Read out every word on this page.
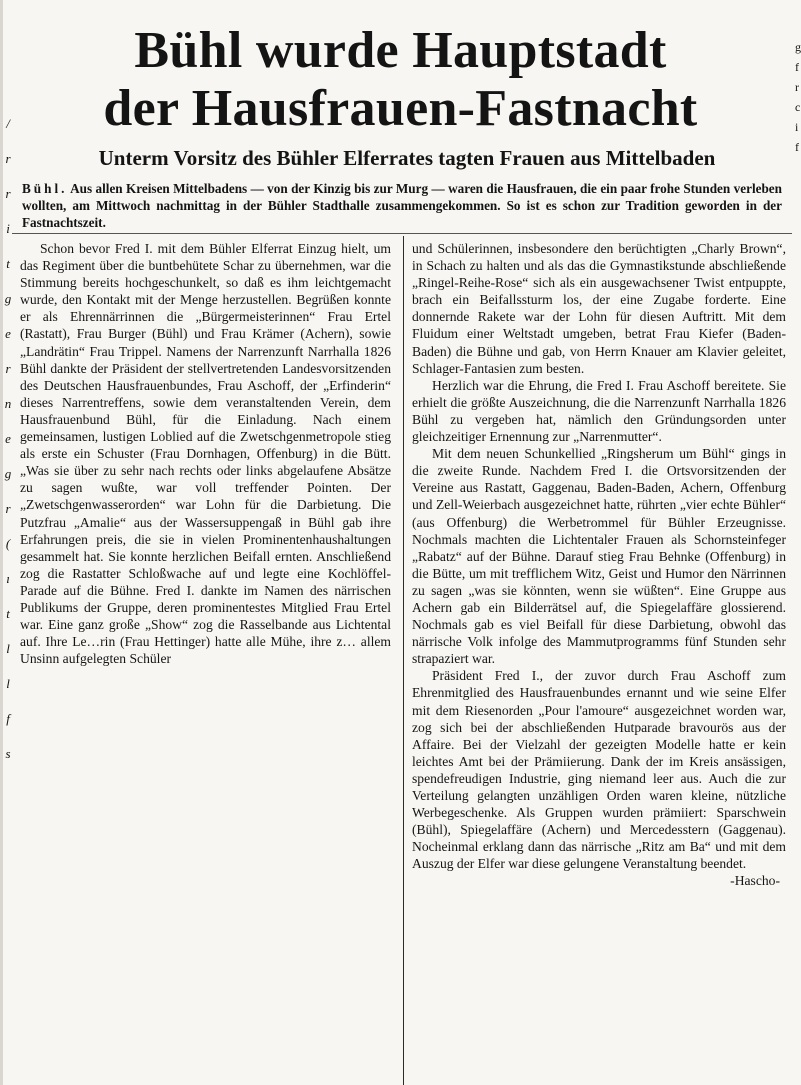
Bühl wurde Hauptstadt
der Hausfrauen-Fastnacht
Unterm Vorsitz des Bühler Elferrates tagten Frauen aus Mittelbaden

Bühl. Aus allen Kreisen Mittelbadens — von der Kinzig bis zur Murg — waren die Hausfrauen, die ein paar frohe Stunden verleben wollten, am Mittwoch nachmittag in der Bühler Stadthalle zusammengekommen. So ist es schon zur Tradition geworden in der Fastnachtszeit.

Schon bevor Fred I. mit dem Bühler Elferrat Einzug hielt, um das Regiment über die buntbehütete Schar zu übernehmen, war die Stimmung bereits hochgeschunkelt, so daß es ihm leichtgemacht wurde, den Kontakt mit der Menge herzustellen. Begrüßen konnte er als Ehrennärrinnen die „Bürgermeisterinnen“ Frau Ertel (Rastatt), Frau Burger (Bühl) und Frau Krämer (Achern), sowie „Landrätin“ Frau Trippel. Namens der Narrenzunft Narrhalla 1826 Bühl dankte der Präsident der stellvertretenden Landesvorsitzenden des Deutschen Hausfrauenbundes, Frau Aschoff, der „Erfinderin“ dieses Narrentreffens, sowie dem veranstaltenden Verein, dem Hausfrauenbund Bühl, für die Einladung. Nach einem gemeinsamen, lustigen Loblied auf die Zwetschgenmetropole stieg als erste ein Schuster (Frau Dornhagen, Offenburg) in die Bütt. „Was sie über zu sehr nach rechts oder links abgelaufene Absätze zu sagen wußte, war voll treffender Pointen. Der „Zwetschgenwasserorden“ war Lohn für die Darbietung. Die Putzfrau „Amalie“ aus der Wassersuppengaß in Bühl gab ihre Erfahrungen preis, die sie in vielen Prominentenhaushaltungen gesammelt hat. Sie konnte herzlichen Beifall ernten. Anschließend zog die Rastatter Schloßwache auf und legte eine Kochlöffel-Parade auf die Bühne. Fred I. dankte im Namen des närrischen Publikums der Gruppe, deren prominentestes Mitglied Frau Ertel war. Eine ganz große „Show“ zog die Rasselbande aus Lichtental auf. Ihre Le…rin (Frau Hettinger) hatte alle Mühe, ihre z… allem Unsinn aufgelegten Schüler

und Schülerinnen, insbesondere den berüchtigten „Charly Brown“, in Schach zu halten und als das die Gymnastikstunde abschließende „Ringel-Reihe-Rose“ sich als ein ausgewachsener Twist entpuppte, brach ein Beifallssturm los, der eine Zugabe forderte. Eine donnernde Rakete war der Lohn für diesen Auftritt. Mit dem Fluidum einer Weltstadt umgeben, betrat Frau Kiefer (Baden-Baden) die Bühne und gab, von Herrn Knauer am Klavier geleitet, Schlager-Fantasien zum besten.

Herzlich war die Ehrung, die Fred I. Frau Aschoff bereitete. Sie erhielt die größte Auszeichnung, die die Narrenzunft Narrhalla 1826 Bühl zu vergeben hat, nämlich den Gründungsorden unter gleichzeitiger Ernennung zur „Narrenmutter“.

Mit dem neuen Schunkellied „Ringsherum um Bühl“ gings in die zweite Runde. Nachdem Fred I. die Ortsvorsitzenden der Vereine aus Rastatt, Gaggenau, Baden-Baden, Achern, Offenburg und Zell-Weierbach ausgezeichnet hatte, rührten „vier echte Bühler“ (aus Offenburg) die Werbetrommel für Bühler Erzeugnisse. Nochmals machten die Lichtentaler Frauen als Schornsteinfeger „Rabatz“ auf der Bühne. Darauf stieg Frau Behnke (Offenburg) in die Bütte, um mit trefflichem Witz, Geist und Humor den Närrinnen zu sagen „was sie könnten, wenn sie wüßten“. Eine Gruppe aus Achern gab ein Bilderrätsel auf, die Spiegelaffäre glossierend. Nochmals gab es viel Beifall für diese Darbietung, obwohl das närrische Volk infolge des Mammutprogramms fünf Stunden sehr strapaziert war.

Präsident Fred I., der zuvor durch Frau Aschoff zum Ehrenmitglied des Hausfrauenbundes ernannt und wie seine Elfer mit dem Riesenorden „Pour l'amoure“ ausgezeichnet worden war, zog sich bei der abschließenden Hutparade bravourös aus der Affaire. Bei der Vielzahl der gezeigten Modelle hatte er kein leichtes Amt bei der Prämiierung. Dank der im Kreis ansässigen, spendefreudigen Industrie, ging niemand leer aus. Auch die zur Verteilung gelangten unzähligen Orden waren kleine, nützliche Werbegeschenke. Als Gruppen wurden prämiiert: Sparschwein (Bühl), Spiegelaffäre (Achern) und Mercedesstern (Gaggenau). Nocheinmal erklang dann das närrische „Ritz am Ba“ und mit dem Auszug der Elfer war diese gelungene Veranstaltung beendet.

-Hascho-
/
r
r
i
t
g
e
r
n
e
g
r
(
ı
t
l
l
f
s
g
f
r
c
i
f
